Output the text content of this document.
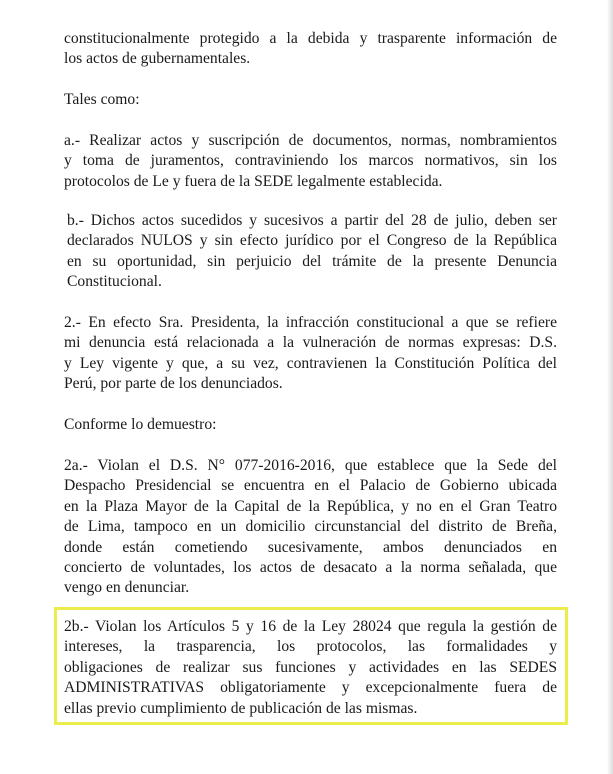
constitucionalmente protegido a la debida y trasparente información de
los actos de gubernamentales.
Tales como:
a.- Realizar actos y suscripción de documentos, normas, nombramientos
y toma de juramentos, contraviniendo los marcos normativos, sin los
protocolos de Le y fuera de la SEDE legalmente establecida.
b.- Dichos actos sucedidos y sucesivos a partir del 28 de julio, deben ser
declarados NULOS y sin efecto jurídico por el Congreso de la República
en su oportunidad, sin perjuicio del trámite de la presente Denuncia
Constitucional.
2.- En efecto Sra. Presidenta, la infracción constitucional a que se refiere
mi denuncia está relacionada a la vulneración de normas expresas: D.S.
y Ley vigente y que, a su vez, contravienen la Constitución Política del
Perú, por parte de los denunciados.
Conforme lo demuestro:
2a.- Violan el D.S. N° 077-2016-2016, que establece que la Sede del
Despacho Presidencial se encuentra en el Palacio de Gobierno ubicada
en la Plaza Mayor de la Capital de la República, y no en el Gran Teatro
de Lima, tampoco en un domicilio circunstancial del distrito de Breña,
donde están cometiendo sucesivamente, ambos denunciados en
concierto de voluntades, los actos de desacato a la norma señalada, que
vengo en denunciar.
2b.- Violan los Artículos 5 y 16 de la Ley 28024 que regula la gestión de
intereses, la trasparencia, los protocolos, las formalidades y
obligaciones de realizar sus funciones y actividades en las SEDES
ADMINISTRATIVAS obligatoriamente y excepcionalmente fuera de
ellas previo cumplimiento de publicación de las mismas.
